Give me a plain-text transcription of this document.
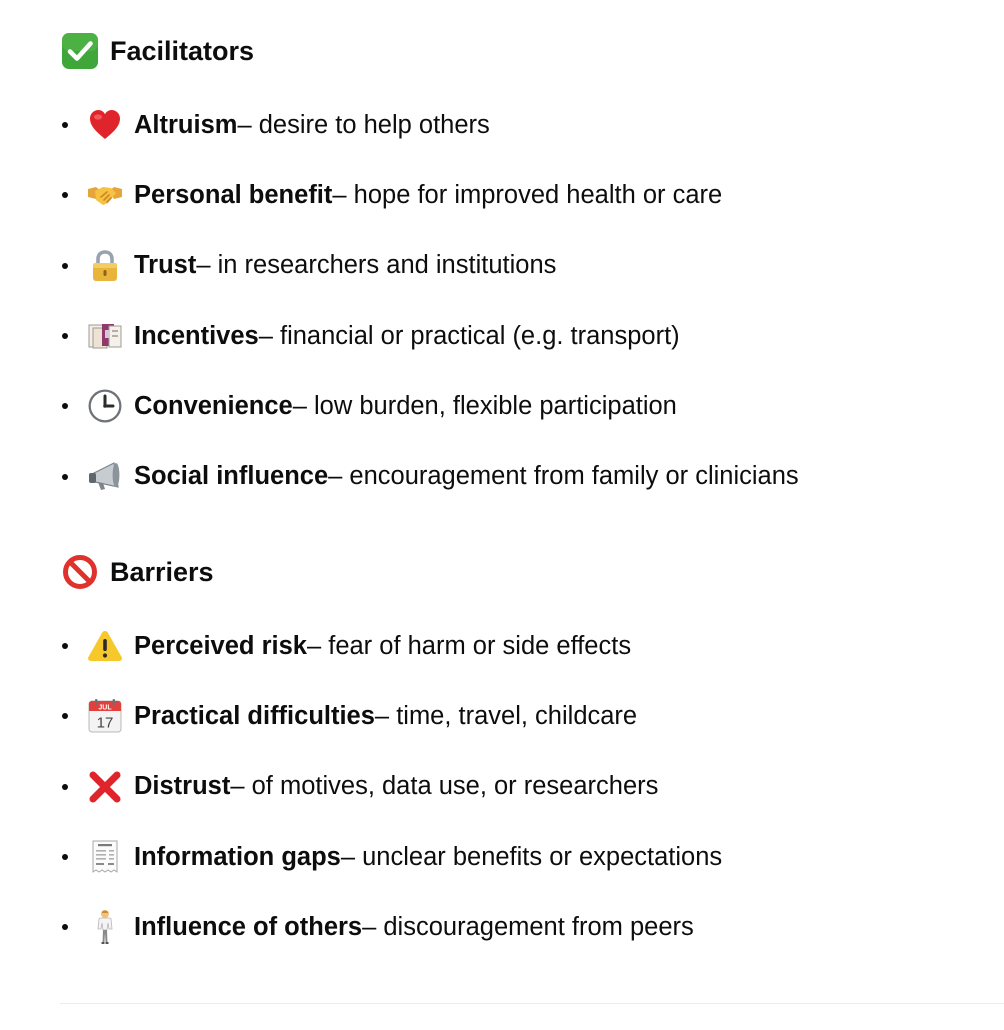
Facilitators
Altruism – desire to help others
Personal benefit – hope for improved health or care
Trust – in researchers and institutions
Incentives – financial or practical (e.g. transport)
Convenience – low burden, flexible participation
Social influence – encouragement from family or clinicians
Barriers
Perceived risk – fear of harm or side effects
JUL
17 Practical difficulties – time, travel, childcare
Distrust – of motives, data use, or researchers
Information gaps – unclear benefits or expectations
Influence of others – discouragement from peers
